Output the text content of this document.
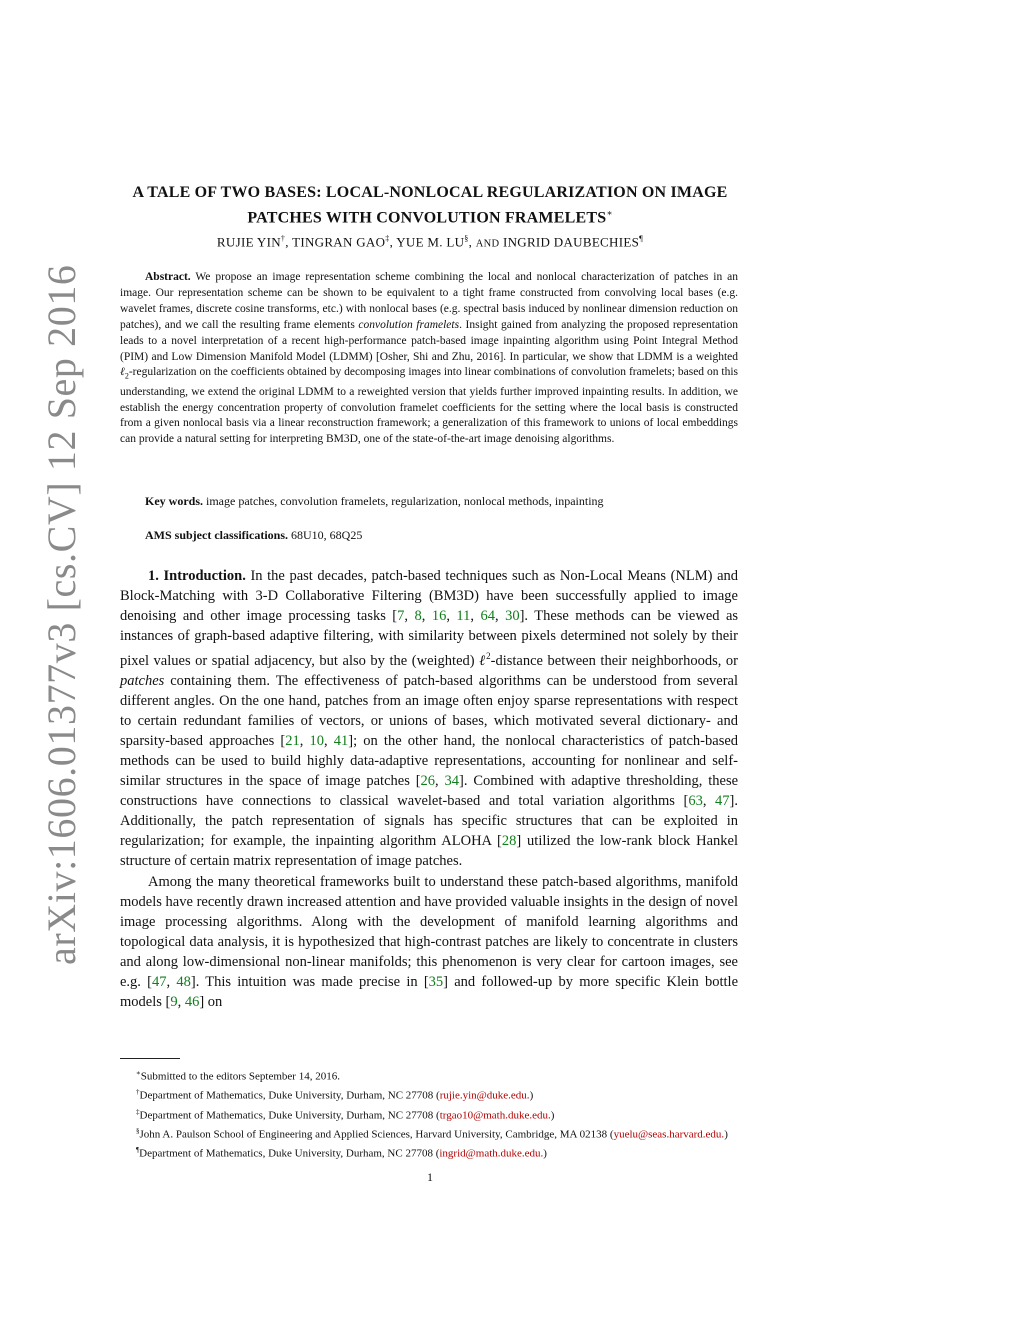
arXiv:1606.01377v3 [cs.CV] 12 Sep 2016
A TALE OF TWO BASES: LOCAL-NONLOCAL REGULARIZATION ON IMAGE
PATCHES WITH CONVOLUTION FRAMELETS∗
RUJIE YIN†, TINGRAN GAO‡, YUE M. LU§, AND INGRID DAUBECHIES¶
Abstract. We propose an image representation scheme combining the local and nonlocal characterization of patches in an image. Our representation scheme can be shown to be equivalent to a tight frame constructed from convolving local bases (e.g. wavelet frames, discrete cosine transforms, etc.) with nonlocal bases (e.g. spectral basis induced by nonlinear dimension reduction on patches), and we call the resulting frame elements convolution framelets. Insight gained from analyzing the proposed representation leads to a novel interpretation of a recent high-performance patch-based image inpainting algorithm using Point Integral Method (PIM) and Low Dimension Manifold Model (LDMM) [Osher, Shi and Zhu, 2016]. In particular, we show that LDMM is a weighted ℓ$_2$-regularization on the coefficients obtained by decomposing images into linear combinations of convolution framelets; based on this understanding, we extend the original LDMM to a reweighted version that yields further improved inpainting results. In addition, we establish the energy concentration property of convolution framelet coefficients for the setting where the local basis is constructed from a given nonlocal basis via a linear reconstruction framework; a generalization of this framework to unions of local embeddings can provide a natural setting for interpreting BM3D, one of the state-of-the-art image denoising algorithms.
Key words. image patches, convolution framelets, regularization, nonlocal methods, inpainting
AMS subject classifications. 68U10, 68Q25

1. Introduction. In the past decades, patch-based techniques such as Non-Local Means (NLM) and Block-Matching with 3-D Collaborative Filtering (BM3D) have been successfully applied to image denoising and other image processing tasks [7, 8, 16, 11, 64, 30]. These methods can be viewed as instances of graph-based adaptive filtering, with similarity between pixels determined not solely by their pixel values or spatial adjacency, but also by the (weighted) ℓ$^2$-distance between their neighborhoods, or patches containing them. The effectiveness of patch-based algorithms can be understood from several different angles. On the one hand, patches from an image often enjoy sparse representations with respect to certain redundant families of vectors, or unions of bases, which motivated several dictionary- and sparsity-based approaches [21, 10, 41]; on the other hand, the nonlocal characteristics of patch-based methods can be used to build highly data-adaptive representations, accounting for nonlinear and self-similar structures in the space of image patches [26, 34]. Combined with adaptive thresholding, these constructions have connections to classical wavelet-based and total variation algorithms [63, 47]. Additionally, the patch representation of signals has specific structures that can be exploited in regularization; for example, the inpainting algorithm ALOHA [28] utilized the low-rank block Hankel structure of certain matrix representation of image patches.

Among the many theoretical frameworks built to understand these patch-based algorithms, manifold models have recently drawn increased attention and have provided valuable insights in the design of novel image processing algorithms. Along with the development of manifold learning algorithms and topological data analysis, it is hypothesized that high-contrast patches are likely to concentrate in clusters and along low-dimensional non-linear manifolds; this phenomenon is very clear for cartoon images, see e.g. [47, 48]. This intuition was made precise in [35] and followed-up by more specific Klein bottle models [9, 46] on

∗Submitted to the editors September 14, 2016.
†Department of Mathematics, Duke University, Durham, NC 27708 (rujie.yin@duke.edu.)
‡Department of Mathematics, Duke University, Durham, NC 27708 (trgao10@math.duke.edu.)
§John A. Paulson School of Engineering and Applied Sciences, Harvard University, Cambridge, MA 02138 (yuelu@seas.harvard.edu.)
¶Department of Mathematics, Duke University, Durham, NC 27708 (ingrid@math.duke.edu.)
1
